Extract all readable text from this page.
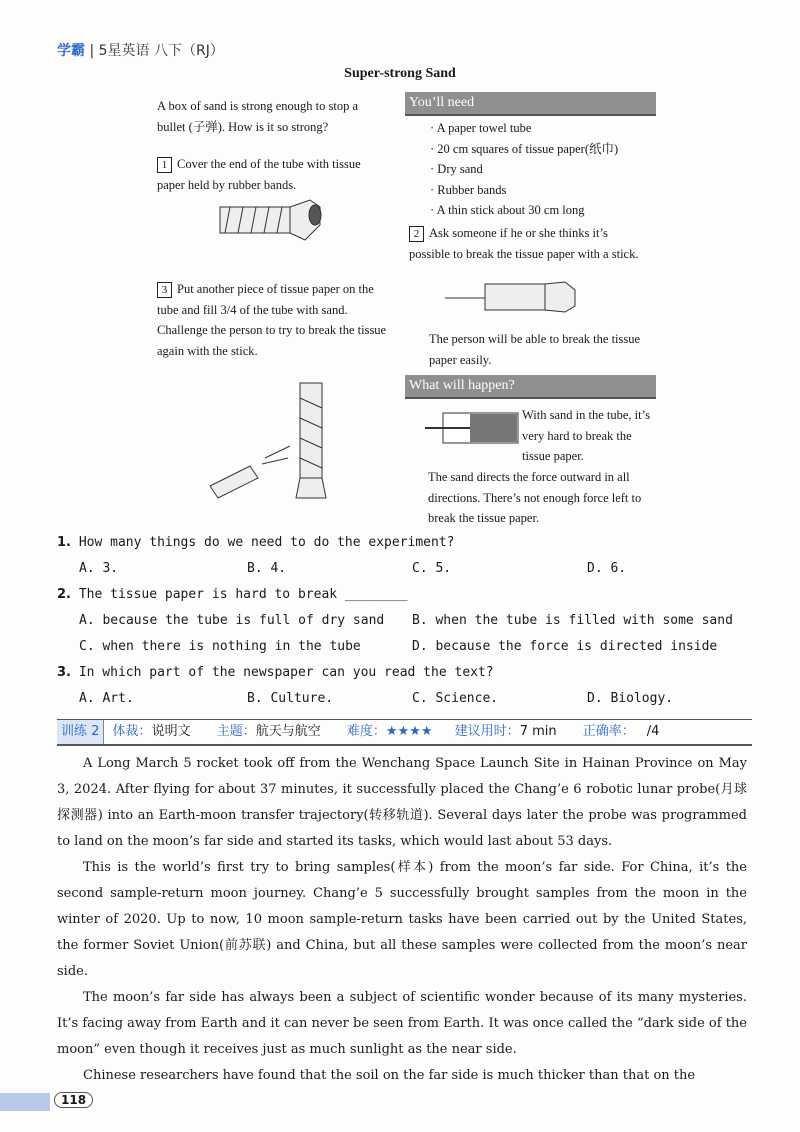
学霸 | 5星英语 八下（RJ）
Super-strong Sand
A box of sand is strong enough to stop a bullet (子弹). How is it so strong?
1 Cover the end of the tube with tissue paper held by rubber bands.
3 Put another piece of tissue paper on the tube and fill 3/4 of the tube with sand. Challenge the person to try to break the tissue again with the stick.
You’ll need
· A paper towel tube
· 20 cm squares of tissue paper(纸巾)
· Dry sand
· Rubber bands
· A thin stick about 30 cm long
2 Ask someone if he or she thinks it’s possible to break the tissue paper with a stick.
The person will be able to break the tissue paper easily.
What will happen?
With sand in the tube, it’s very hard to break the tissue paper.
The sand directs the force outward in all directions. There’s not enough force left to break the tissue paper.
1. How many things do we need to do the experiment?
A. 3.	B. 4.	C. 5.	D. 6.
2. The tissue paper is hard to break ________
A. because the tube is full of dry sand B. when the tube is filled with some sand
C. when there is nothing in the tube	D. because the force is directed inside
3. In which part of the newspaper can you read the text?
A. Art.	B. Culture.	C. Science.	D. Biology.
训练 2 体裁：说明文 主题：航天与航空 难度：★★★★ 建议用时：7 min 正确率： /4

A Long March 5 rocket took off from the Wenchang Space Launch Site in Hainan Province on May 3, 2024. After flying for about 37 minutes, it successfully placed the Chang’e 6 robotic lunar probe(月球探测器) into an Earth-moon transfer trajectory(转移轨道). Several days later the probe was programmed to land on the moon’s far side and started its tasks, which would last about 53 days.

This is the world’s first try to bring samples(样本) from the moon’s far side. For China, it’s the second sample-return moon journey. Chang’e 5 successfully brought samples from the moon in the winter of 2020. Up to now, 10 moon sample-return tasks have been carried out by the United States, the former Soviet Union(前苏联) and China, but all these samples were collected from the moon’s near side.

The moon’s far side has always been a subject of scientific wonder because of its many mysteries. It’s facing away from Earth and it can never be seen from Earth. It was once called the “dark side of the moon” even though it receives just as much sunlight as the near side.

Chinese researchers have found that the soil on the far side is much thicker than that on the

118
